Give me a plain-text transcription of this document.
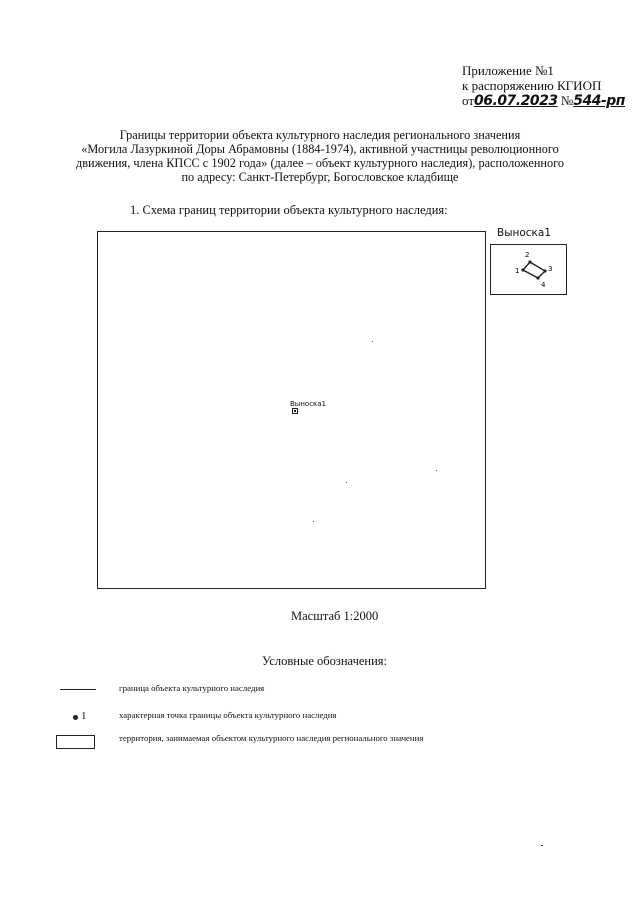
Приложение №1
к распоряжению КГИОП
от06.07.2023 №544-рп
Границы территории объекта культурного наследия регионального значения
«Могила Лазуркиной Доры Абрамовны (1884-1974), активной участницы революционного
движения, члена КПСС с 1902 года» (далее – объект культурного наследия), расположенного
по адресу: Санкт-Петербург, Богословское кладбище
1. Схема границ территории объекта культурного наследия:
Выноска1
Выноска1
1
2
3
4
Масштаб 1:2000
Условные обозначения:
граница объекта культурного наследия
1	характерная точка границы объекта культурного наследия
территория, занимаемая объектом культурного наследия регионального значения
